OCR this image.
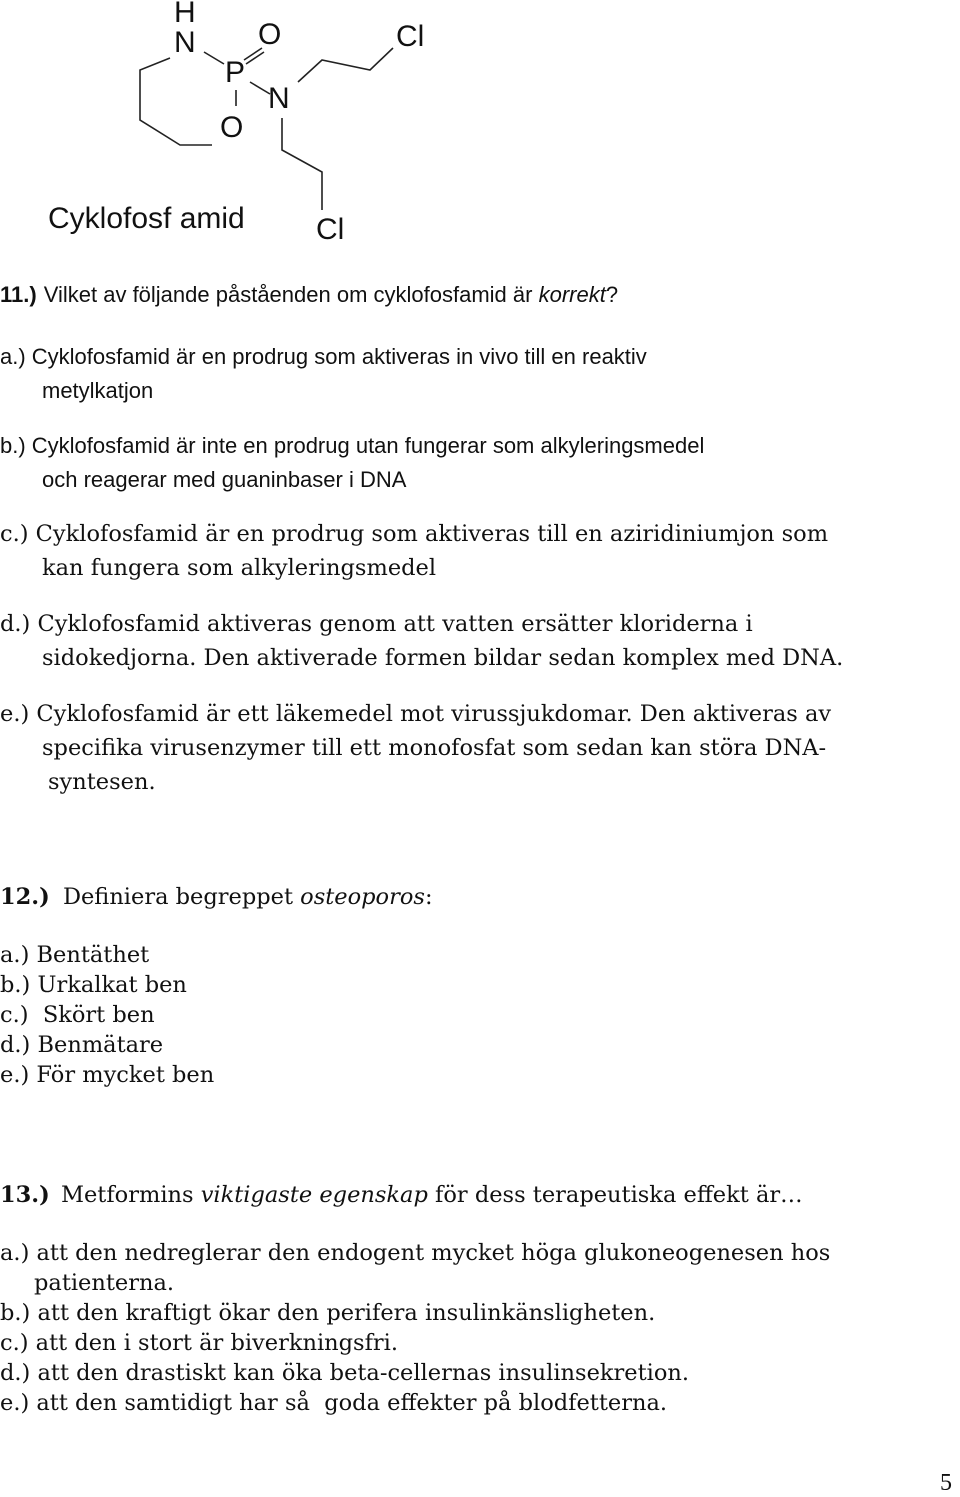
H
N O
P
O
N
Cl
Cl
Cyklofosf amid
11.) Vilket av följande påståenden om cyklofosfamid är korrekt?
a.) Cyklofosfamid är en prodrug som aktiveras in vivo till en reaktiv
metylkatjon
b.) Cyklofosfamid är inte en prodrug utan fungerar som alkyleringsmedel
och reagerar med guaninbaser i DNA
c.) Cyklofosfamid är en prodrug som aktiveras till en aziridiniumjon som
kan fungera som alkyleringsmedel
d.) Cyklofosfamid aktiveras genom att vatten ersätter kloriderna i
sidokedjorna. Den aktiverade formen bildar sedan komplex med DNA.
e.) Cyklofosfamid är ett läkemedel mot virussjukdomar. Den aktiveras av
specifika virusenzymer till ett monofosfat som sedan kan störa DNA-
syntesen.
12.) Definiera begreppet osteoporos:
a.) Bentäthet
b.) Urkalkat ben
c.)  Skört ben
d.) Benmätare
e.) För mycket ben
13.) Metformins viktigaste egenskap för dess terapeutiska effekt är…
a.) att den nedreglerar den endogent mycket höga glukoneogenesen hos
patienterna.
b.) att den kraftigt ökar den perifera insulinkänsligheten.
c.) att den i stort är biverkningsfri.
d.) att den drastiskt kan öka beta-cellernas insulinsekretion.
e.) att den samtidigt har så  goda effekter på blodfetterna.
5
